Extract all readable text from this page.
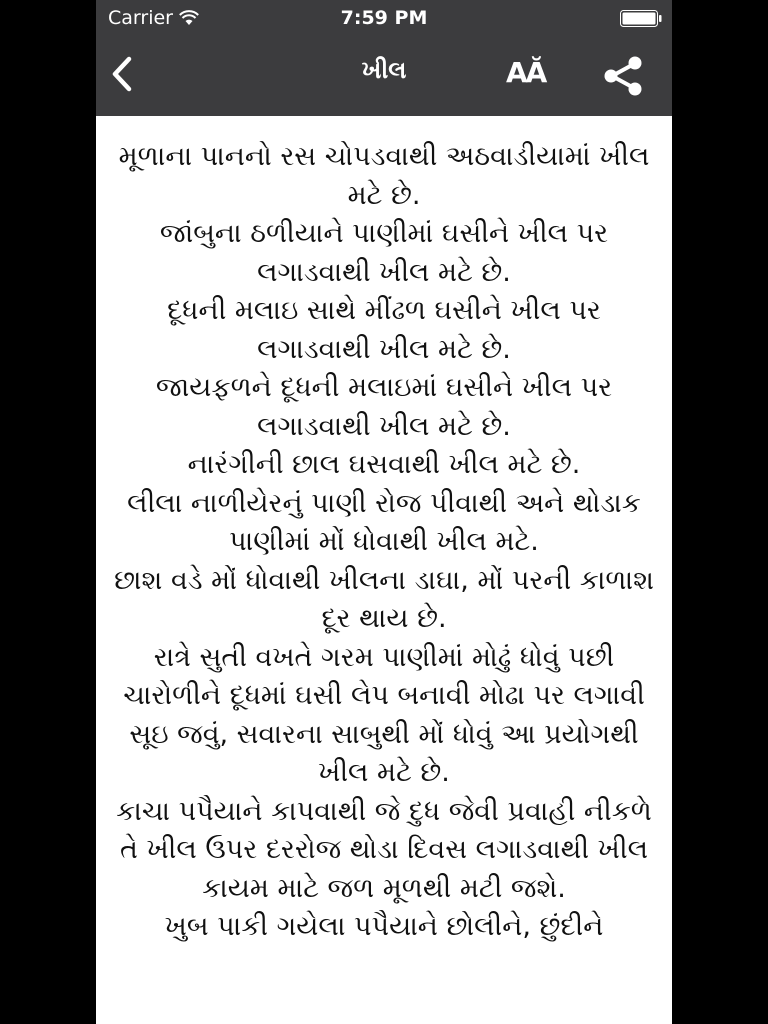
Carrier	7:59 PM
ખીલ	AĂ
મૂળાના પાનનો રસ ચોપડવાથી અઠવાડીયામાં ખીલ મટે છે.
જાંબુના ઠળીયાને પાણીમાં ઘસીને ખીલ પર લગાડવાથી ખીલ મટે છે.
દૂધની મલાઇ સાથે મીંઢળ ઘસીને ખીલ પર લગાડવાથી ખીલ મટે છે.
જાયફળને દૂધની મલાઇમાં ઘસીને ખીલ પર લગાડવાથી ખીલ મટે છે.
નારંગીની છાલ ઘસવાથી ખીલ મટે છે.
લીલા નાળીયેરનું પાણી રોજ પીવાથી અને થોડાક પાણીમાં મોં ધોવાથી ખીલ મટે.
છાશ વડે મોં ધોવાથી ખીલના ડાઘા, મોં પરની કાળાશ દૂર થાય છે.
રાત્રે સુતી વખતે ગરમ પાણીમાં મોઢું ધોવું પછી ચારોળીને દૂધમાં ઘસી લેપ બનાવી મોઢા પર લગાવી સૂઇ જવું, સવારના સાબુથી મોં ધોવું આ પ્રયોગથી ખીલ મટે છે.
કાચા પપૈયાને કાપવાથી જે દુધ જેવી પ્રવાહી નીકળે તે ખીલ ઉપર દરરોજ થોડા દિવસ લગાડવાથી ખીલ કાયમ માટે જળ મૂળથી મટી જશે.
ખુબ પાકી ગયેલા પપૈયાને છોલીને, છુંદીને
